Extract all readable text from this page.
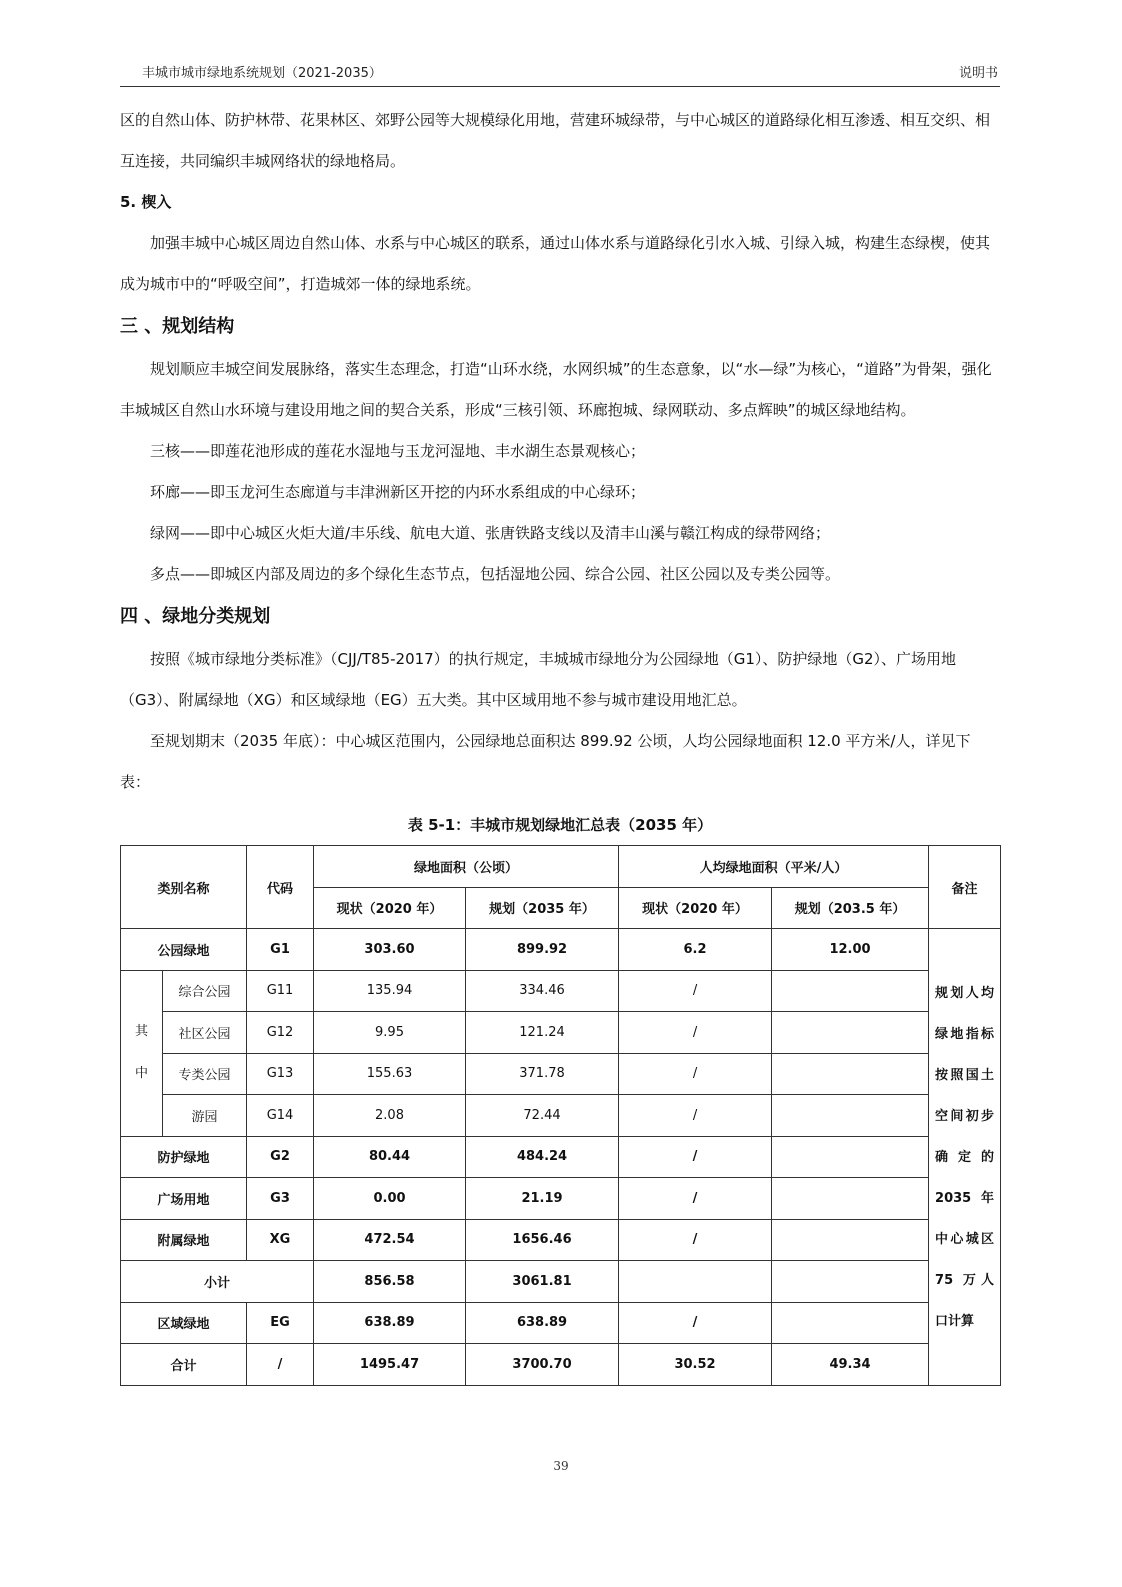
丰城市城市绿地系统规划（2021-2035）	说明书

区的自然山体、防护林带、花果林区、郊野公园等大规模绿化用地，营建环城绿带，与中心城区的道路绿化相互渗透、相互交织、相互连接，共同编织丰城网络状的绿地格局。

5. 楔入

加强丰城中心城区周边自然山体、水系与中心城区的联系，通过山体水系与道路绿化引水入城、引绿入城，构建生态绿楔，使其成为城市中的“呼吸空间”，打造城郊一体的绿地系统。

三 、规划结构

规划顺应丰城空间发展脉络，落实生态理念，打造“山环水绕，水网织城”的生态意象，以“水—绿”为核心，“道路”为骨架，强化丰城城区自然山水环境与建设用地之间的契合关系，形成“三核引领、环廊抱城、绿网联动、多点辉映”的城区绿地结构。

三核——即莲花池形成的莲花水湿地与玉龙河湿地、丰水湖生态景观核心；

环廊——即玉龙河生态廊道与丰津洲新区开挖的内环水系组成的中心绿环；

绿网——即中心城区火炬大道/丰乐线、航电大道、张唐铁路支线以及清丰山溪与赣江构成的绿带网络；

多点——即城区内部及周边的多个绿化生态节点，包括湿地公园、综合公园、社区公园以及专类公园等。

四 、绿地分类规划

按照《城市绿地分类标准》（CJJ/T85-2017）的执行规定，丰城城市绿地分为公园绿地（G1）、防护绿地（G2）、广场用地（G3）、附属绿地（XG）和区域绿地（EG）五大类。其中区域用地不参与城市建设用地汇总。

至规划期末（2035 年底）：中心城区范围内，公园绿地总面积达 899.92 公顷，人均公园绿地面积 12.0 平方米/人，详见下表：

表 5-1：丰城市规划绿地汇总表（2035 年）
类别名称		代码	绿地面积（公顷）		人均绿地面积（平米/人）		备注
			现状（2020 年）	规划（2035 年）	现状（2020 年）	规划（203.5 年）	
公园绿地		G1	303.60	899.92	6.2	12.00	规划人均绿地指标按照国土空间初步确定的 2035 年中心城区 75 万人口计算
其
中	综合公园	G11	135.94	334.46	/		
	社区公园	G12	9.95	121.24	/		
	专类公园	G13	155.63	371.78	/		
	游园	G14	2.08	72.44	/		
防护绿地		G2	80.44	484.24	/		
广场用地		G3	0.00	21.19	/		
附属绿地		XG	472.54	1656.46	/		
小计			856.58	3061.81			
区域绿地		EG	638.89	638.89	/		
合计		/	1495.47	3700.70	30.52	49.34	
39
